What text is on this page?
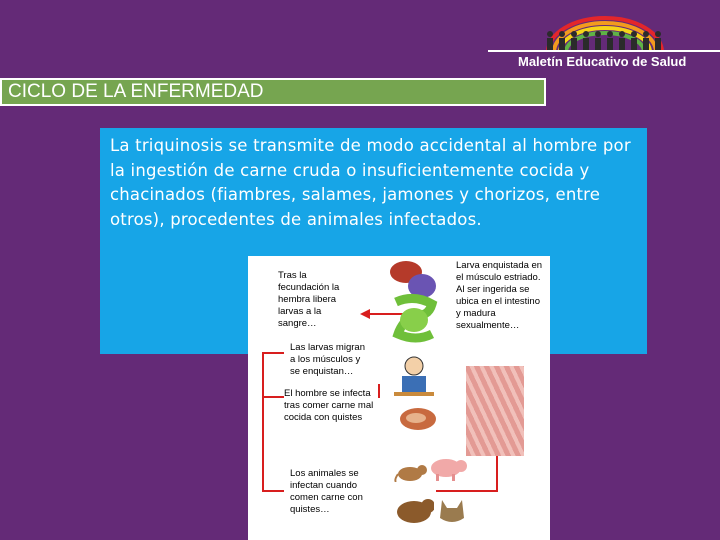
Maletín Educativo de Salud
CICLO DE LA ENFERMEDAD
La triquinosis se transmite de modo accidental al hombre por la ingestión de carne cruda o insuficientemente cocida y chacinados (fiambres, salames, jamones y chorizos, entre otros), procedentes de animales infectados.
Tras la fecundación la hembra libera larvas a la sangre…
Larva enquistada en el músculo estriado. Al ser ingerida se ubica en el intestino y madura sexualmente…
Las larvas migran a los músculos y se enquistan…
El hombre se infecta tras comer carne mal cocida con quistes
Los animales se infectan cuando comen carne con quistes…
